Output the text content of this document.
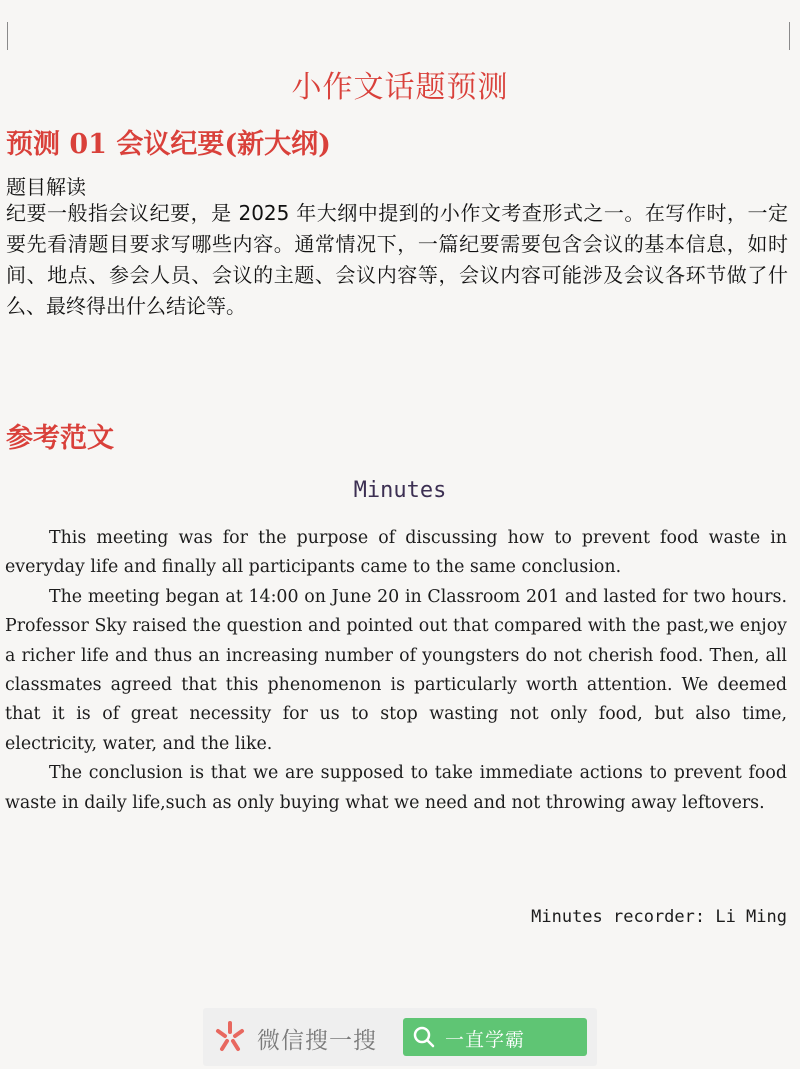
小作文话题预测
预测 01 会议纪要(新大纲)
题目解读

纪要一般指会议纪要，是 2025 年大纲中提到的小作文考查形式之一。在写作时，一定要先看清题目要求写哪些内容。通常情况下，一篇纪要需要包含会议的基本信息，如时间、地点、参会人员、会议的主题、会议内容等，会议内容可能涉及会议各环节做了什么、最终得出什么结论等。

参考范文
Minutes

This meeting was for the purpose of discussing how to prevent food waste in everyday life and finally all participants came to the same conclusion.

The meeting began at 14:00 on June 20 in Classroom 201 and lasted for two hours. Professor Sky raised the question and pointed out that compared with the past,we enjoy a richer life and thus an increasing number of youngsters do not cherish food. Then, all classmates agreed that this phenomenon is particularly worth attention. We deemed that it is of great necessity for us to stop wasting not only food, but also time, electricity, water, and the like.

The conclusion is that we are supposed to take immediate actions to prevent food waste in daily life,such as only buying what we need and not throwing away leftovers.

Minutes recorder: Li Ming
微信搜一搜	一直学霸
